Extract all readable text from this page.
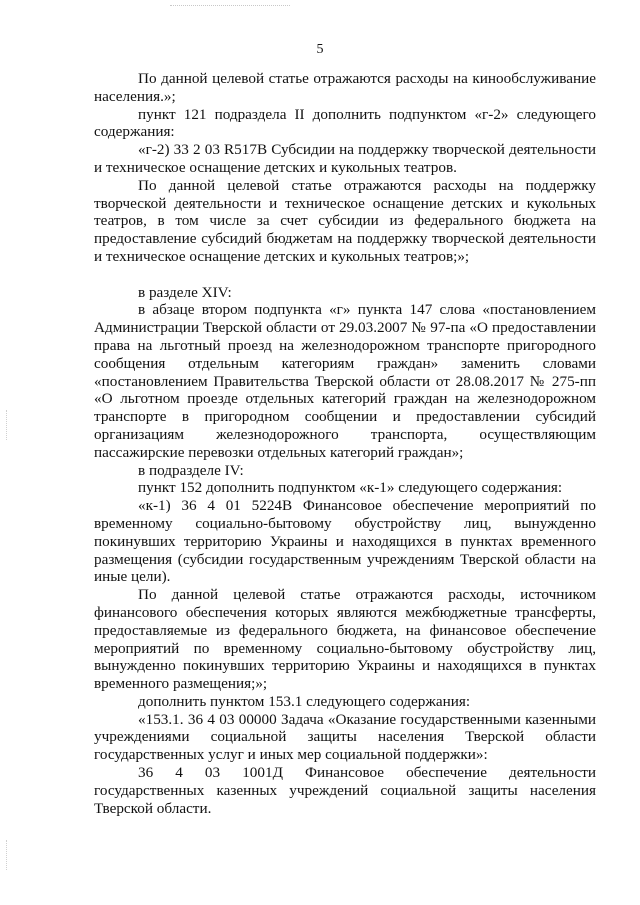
5

По данной целевой статье отражаются расходы на кинообслуживание населения.»;

пункт 121 подраздела II дополнить подпунктом «г-2» следующего содержания:

«г-2) 33 2 03 R517В Субсидии на поддержку творческой деятельности и техническое оснащение детских и кукольных театров.

По данной целевой статье отражаются расходы на поддержку творческой деятельности и техническое оснащение детских и кукольных театров, в том числе за счет субсидии из федерального бюджета на предоставление субсидий бюджетам на поддержку творческой деятельности и техническое оснащение детских и кукольных театров;»;

в разделе XIV:

в абзаце втором подпункта «г» пункта 147 слова «постановлением Администрации Тверской области от 29.03.2007 № 97-па «О предоставлении права на льготный проезд на железнодорожном транспорте пригородного сообщения отдельным категориям граждан» заменить словами «постановлением Правительства Тверской области от 28.08.2017 № 275-пп «О льготном проезде отдельных категорий граждан на железнодорожном транспорте в пригородном сообщении и предоставлении субсидий организациям железнодорожного транспорта, осуществляющим пассажирские перевозки отдельных категорий граждан»;

в подразделе IV:

пункт 152 дополнить подпунктом «к-1» следующего содержания:

«к-1) 36 4 01 5224В Финансовое обеспечение мероприятий по временному социально-бытовому обустройству лиц, вынужденно покинувших территорию Украины и находящихся в пунктах временного размещения (субсидии государственным учреждениям Тверской области на иные цели).

По данной целевой статье отражаются расходы, источником финансового обеспечения которых являются межбюджетные трансферты, предоставляемые из федерального бюджета, на финансовое обеспечение мероприятий по временному социально-бытовому обустройству лиц, вынужденно покинувших территорию Украины и находящихся в пунктах временного размещения;»;

дополнить пунктом 153.1 следующего содержания:

«153.1. 36 4 03 00000 Задача «Оказание государственными казенными учреждениями социальной защиты населения Тверской области государственных услуг и иных мер социальной поддержки»:

36 4 03 1001Д Финансовое обеспечение деятельности государственных казенных учреждений социальной защиты населения Тверской области.
